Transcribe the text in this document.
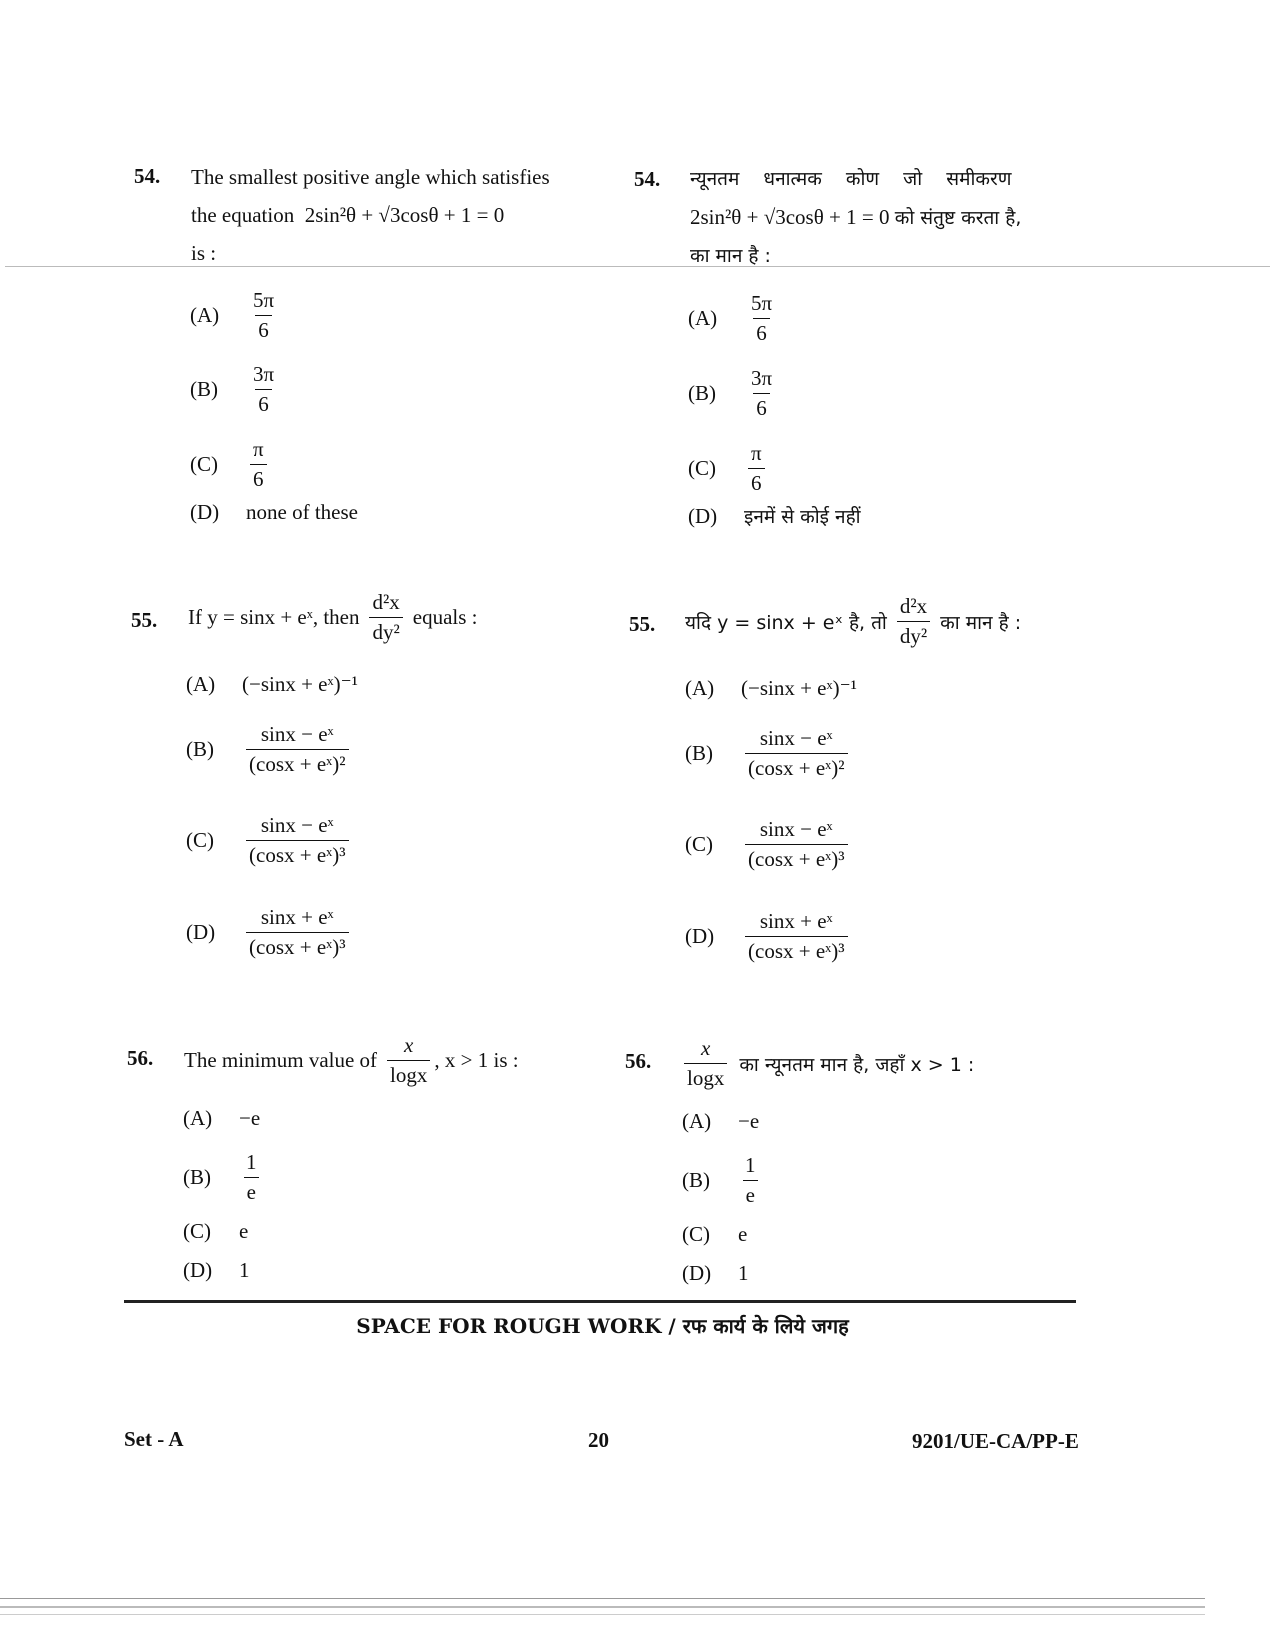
54. The smallest positive angle which satisfies
the equation 2sin²θ + √3cosθ + 1 = 0
is :
(A)	$\frac{5\pi}{6}$
(B)	$\frac{3\pi}{6}$
(C)	$\frac{\pi}{6}$
(D)	none of these
54. न्यूनतम धनात्मक कोण जो समीकरण
2sin²θ + √3cosθ + 1 = 0 को संतुष्ट करता है,
का मान है :
(A)	$\frac{5\pi}{6}$
(B)	$\frac{3\pi}{6}$
(C)	$\frac{\pi}{6}$
(D)	इनमें से कोई नहीं
55. If y = sinx + eˣ, then $\frac{\text{d²x}}{\text{dy²}}$ equals :
(A)	(−sinx + eˣ)⁻¹
(B)	$\frac{\text{sinx − eˣ}}{\text{(cosx + eˣ)²}}$
(C)	$\frac{\text{sinx − eˣ}}{\text{(cosx + eˣ)³}}$
(D)	$\frac{\text{sinx + eˣ}}{\text{(cosx + eˣ)³}}$
55. यदि y = sinx + eˣ है, तो $\frac{\text{d²x}}{\text{dy²}}$ का मान है :
(A)	(−sinx + eˣ)⁻¹
(B)	$\frac{\text{sinx − eˣ}}{\text{(cosx + eˣ)²}}$
(C)	$\frac{\text{sinx − eˣ}}{\text{(cosx + eˣ)³}}$
(D)	$\frac{\text{sinx + eˣ}}{\text{(cosx + eˣ)³}}$
56. The minimum value of $\frac{x}{\log x}$ , x > 1 is :
(A)	−e
(B)	$\frac{1}{e}$
(C)	e
(D)	1
56. $\frac{x}{\log x}$ का न्यूनतम मान है, जहाँ x > 1 :
(A)	−e
(B)	$\frac{1}{e}$
(C)	e
(D)	1
SPACE FOR ROUGH WORK / रफ कार्य के लिये जगह
Set - A	20	9201/UE-CA/PP-E
